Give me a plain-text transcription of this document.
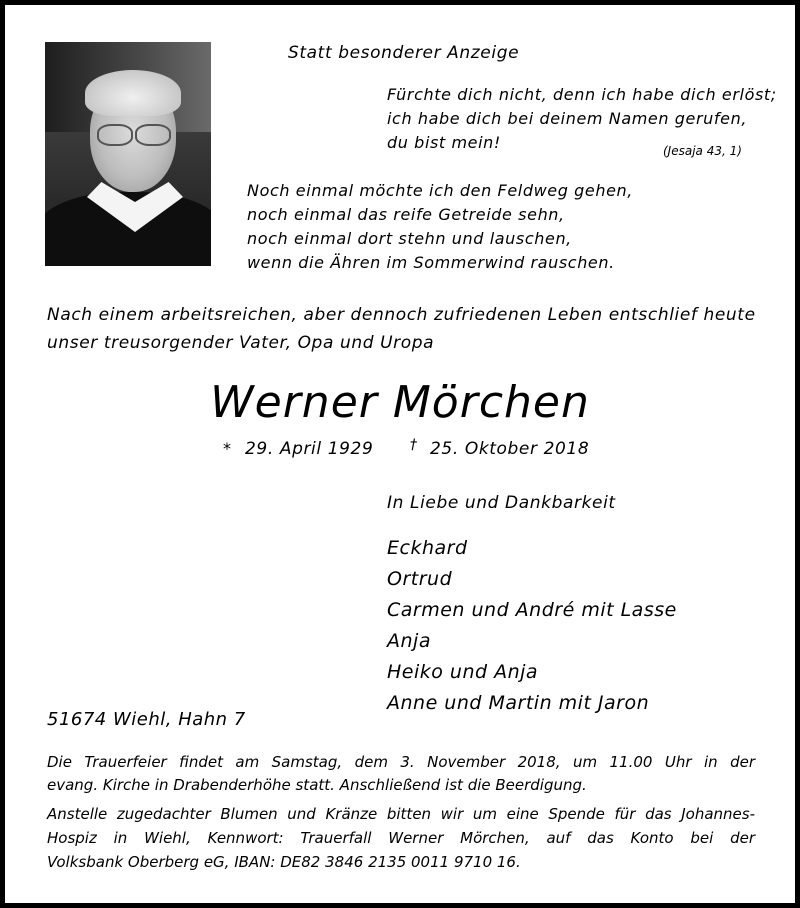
Statt besonderer Anzeige
Fürchte dich nicht, denn ich habe dich erlöst;
ich habe dich bei deinem Namen gerufen,
du bist mein!	(Jesaja 43, 1)
Noch einmal möchte ich den Feldweg gehen,
noch einmal das reife Getreide sehn,
noch einmal dort stehn und lauschen,
wenn die Ähren im Sommerwind rauschen.
Nach einem arbeitsreichen, aber dennoch zufriedenen Leben entschlief heute
unser treusorgender Vater, Opa und Uropa
Werner Mörchen
* 29. April 1929	† 25. Oktober 2018
In Liebe und Dankbarkeit
Eckhard
Ortrud
Carmen und André mit Lasse
Anja
Heiko und Anja
Anne und Martin mit Jaron
51674 Wiehl, Hahn 7
Die Trauerfeier findet am Samstag, dem 3. November 2018, um 11.00 Uhr in der
evang. Kirche in Drabenderhöhe statt. Anschließend ist die Beerdigung.
Anstelle zugedachter Blumen und Kränze bitten wir um eine Spende für das Johannes-
Hospiz in Wiehl, Kennwort: Trauerfall Werner Mörchen, auf das Konto bei der
Volksbank Oberberg eG, IBAN: DE82 3846 2135 0011 9710 16.
